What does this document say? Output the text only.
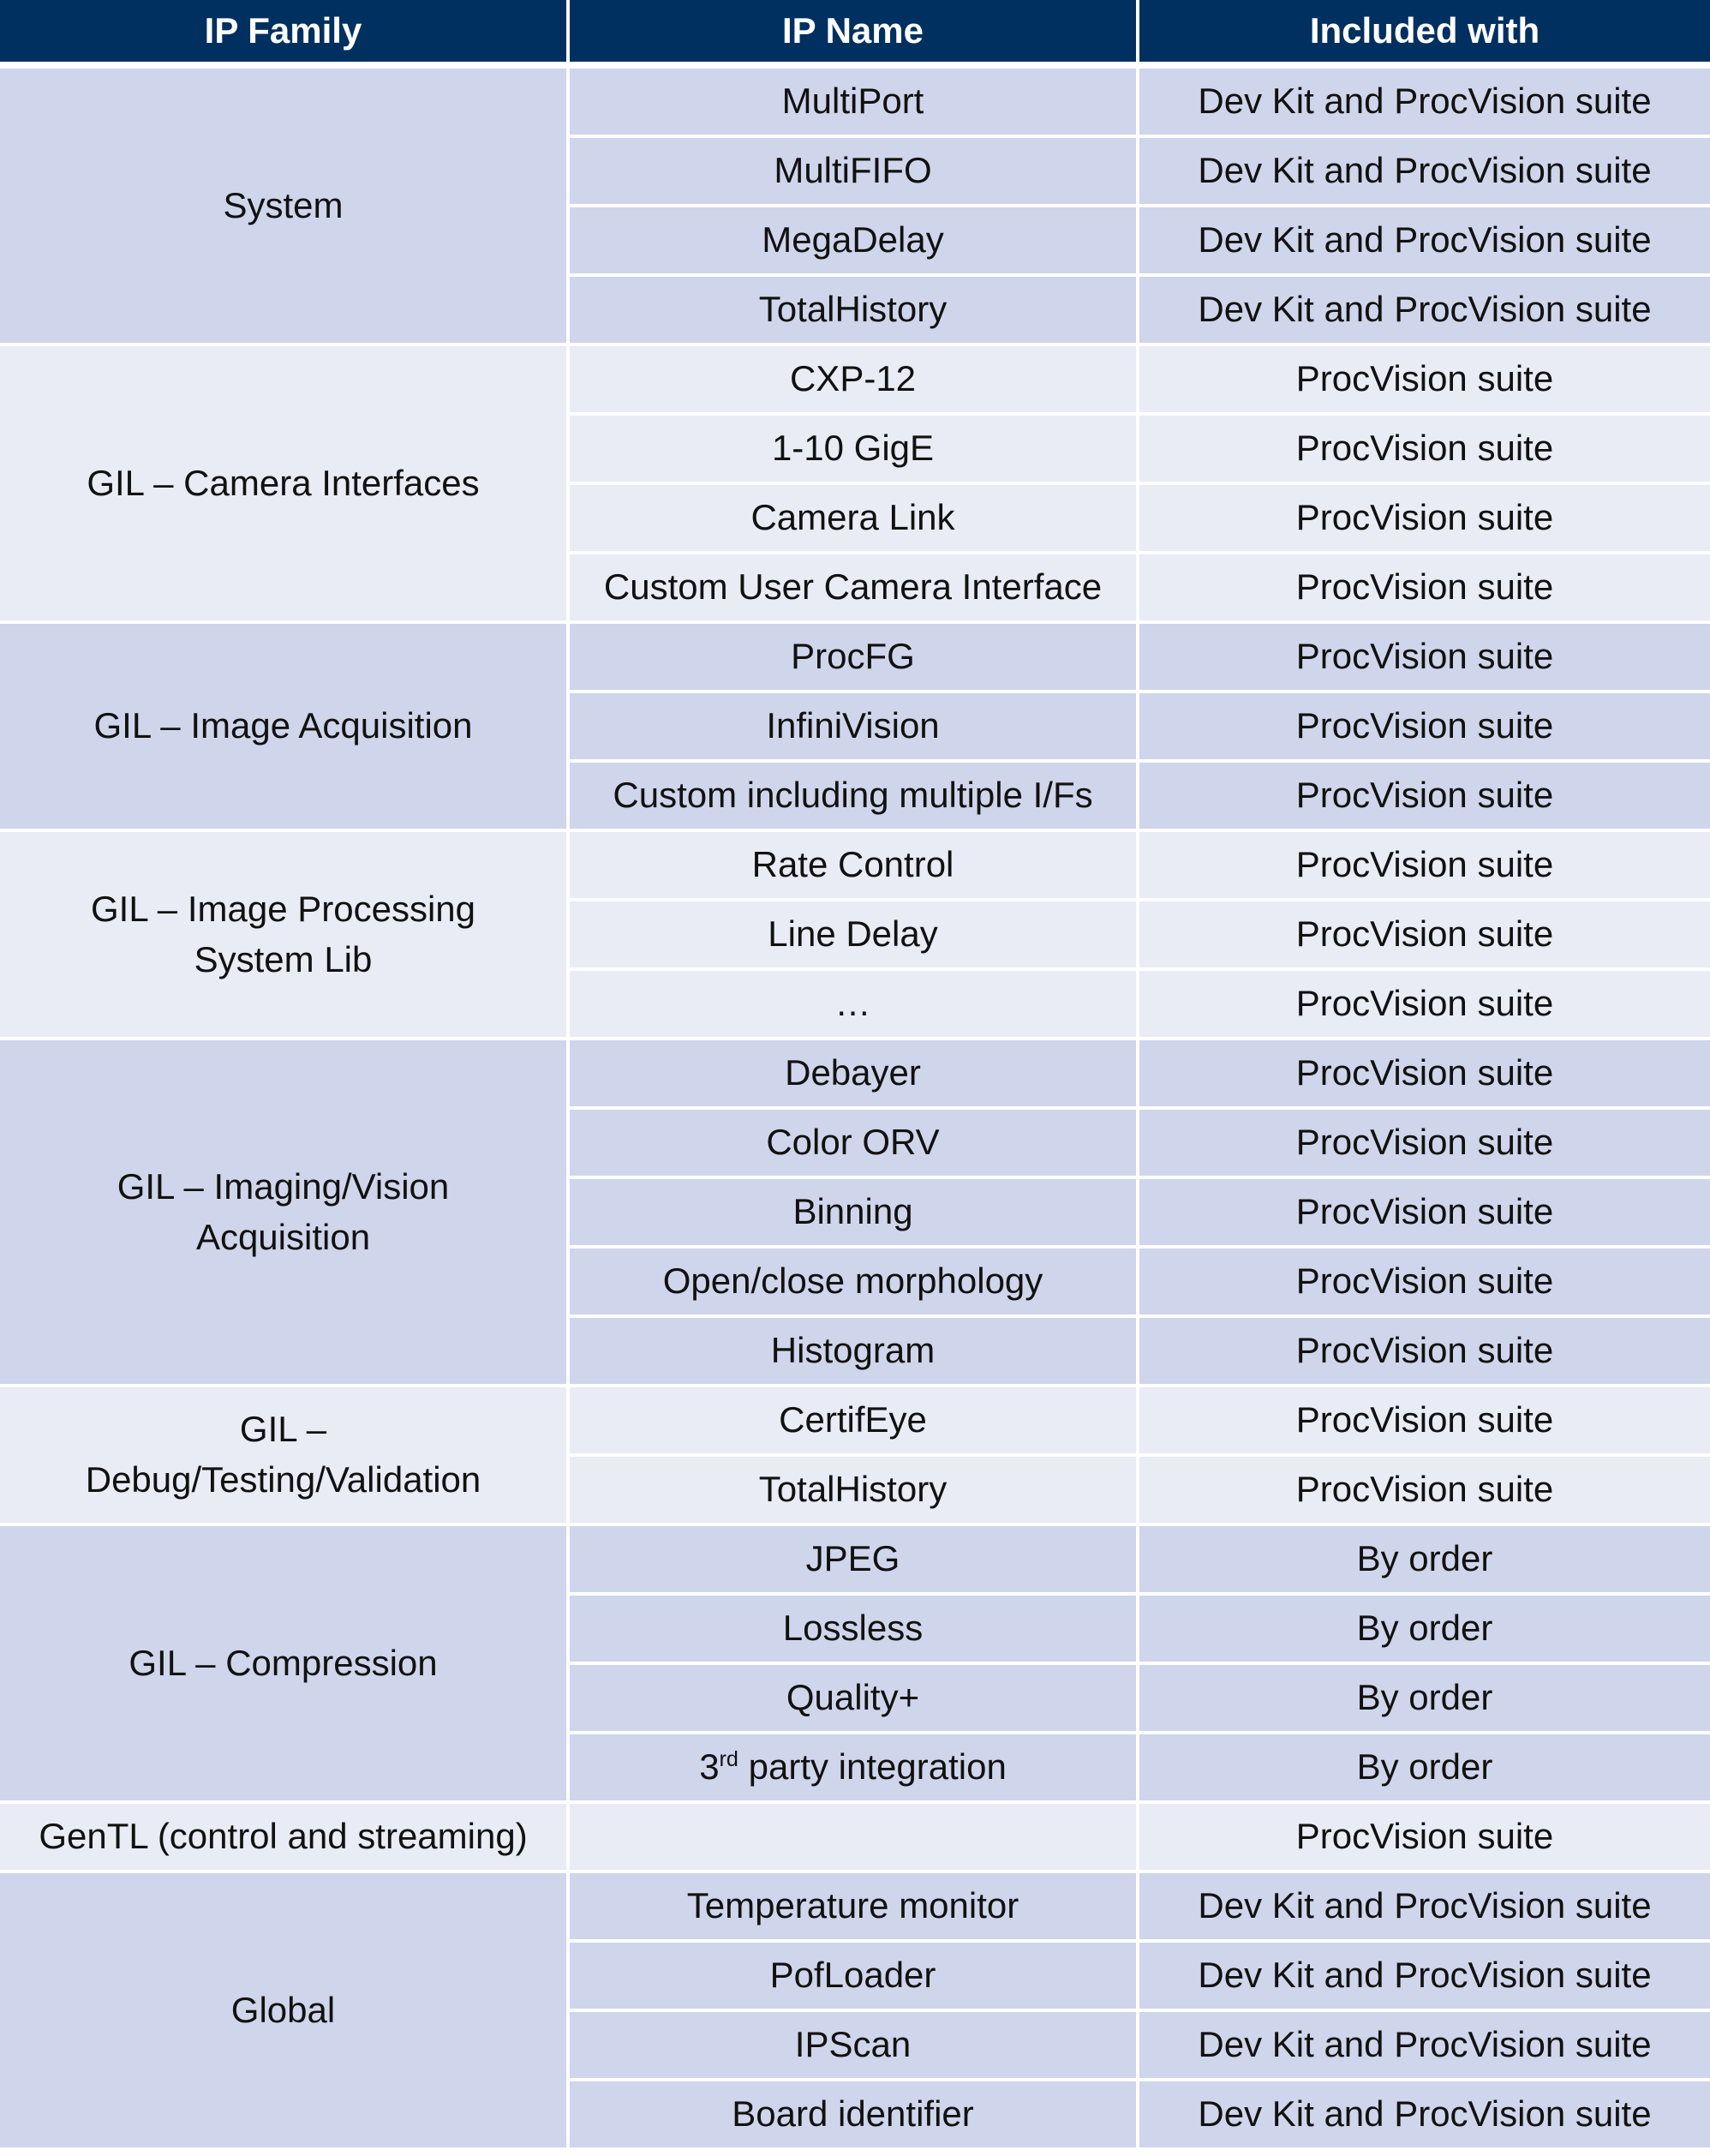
IP Family	IP Name	Included with
System	MultiPort	Dev Kit and ProcVision suite
	MultiFIFO	Dev Kit and ProcVision suite
	MegaDelay	Dev Kit and ProcVision suite
	TotalHistory	Dev Kit and ProcVision suite
GIL – Camera Interfaces	CXP-12	ProcVision suite
	1-10 GigE	ProcVision suite
	Camera Link	ProcVision suite
	Custom User Camera Interface	ProcVision suite
GIL – Image Acquisition	ProcFG	ProcVision suite
	InfiniVision	ProcVision suite
	Custom including multiple I/Fs	ProcVision suite
GIL – Image Processing System Lib	Rate Control	ProcVision suite
	Line Delay	ProcVision suite
	…	ProcVision suite
GIL – Imaging/Vision Acquisition	Debayer	ProcVision suite
	Color ORV	ProcVision suite
	Binning	ProcVision suite
	Open/close morphology	ProcVision suite
	Histogram	ProcVision suite
GIL – Debug/Testing/Validation	CertifEye	ProcVision suite
	TotalHistory	ProcVision suite
GIL – Compression	JPEG	By order
	Lossless	By order
	Quality+	By order
	3rd party integration	By order
GenTL (control and streaming)		ProcVision suite
Global	Temperature monitor	Dev Kit and ProcVision suite
	PofLoader	Dev Kit and ProcVision suite
	IPScan	Dev Kit and ProcVision suite
	Board identifier	Dev Kit and ProcVision suite
